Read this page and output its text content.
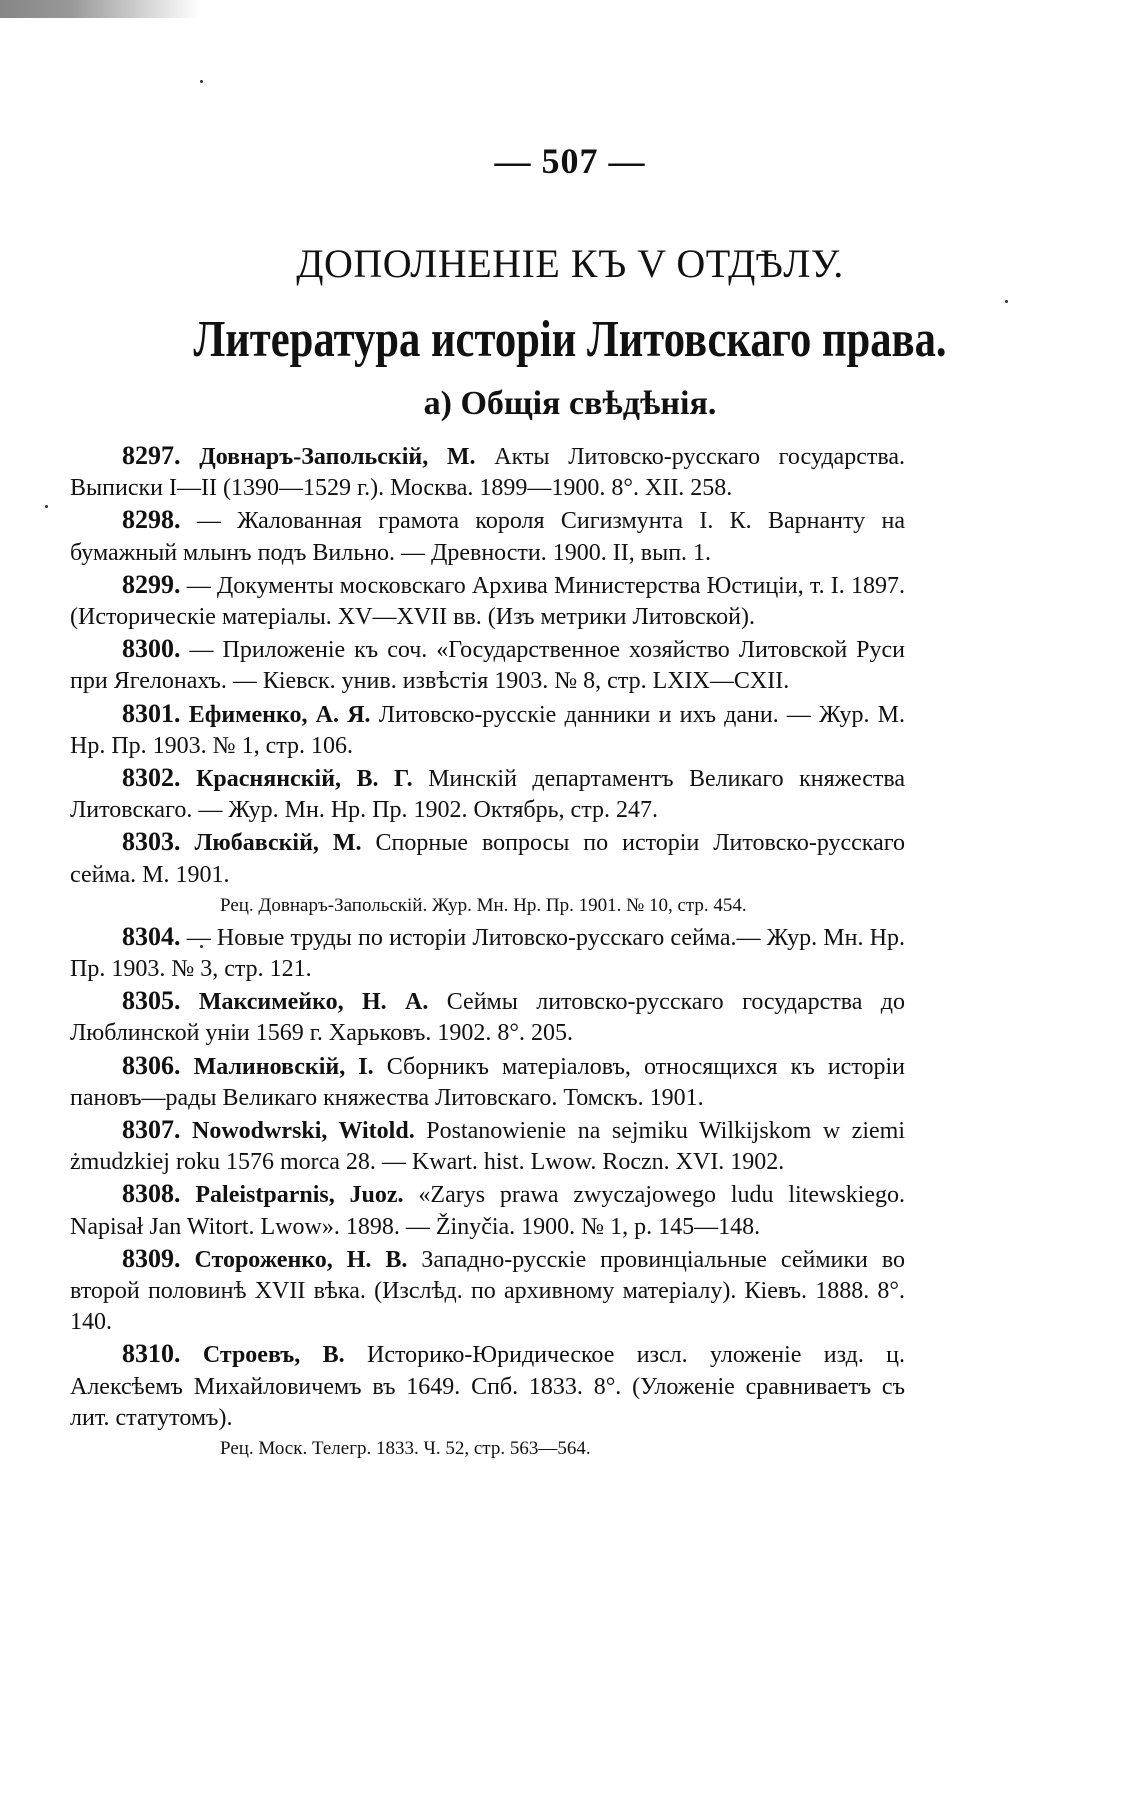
— 507 —
ДОПОЛНЕНІЕ КЪ V ОТДѢЛУ.
Литература исторіи Литовскаго права.
а) Общія свѣдѣнія.

8297. Довнаръ-Запольскій, М. Акты Литовско-русскаго государства. Выписки I—II (1390—1529 г.). Москва. 1899—1900. 8°. XII. 258.

8298. — Жалованная грамота короля Сигизмунта I. К. Варнанту на бумажный млынъ подъ Вильно. — Древности. 1900. II, вып. 1.

8299. — Документы московскаго Архива Министерства Юстиціи, т. I. 1897. (Историческіе матеріалы. XV—XVII вв. (Изъ метрики Литовской).

8300. — Приложеніе къ соч. «Государственное хозяйство Литовской Руси при Ягелонахъ. — Кіевск. унив. извѣстія 1903. № 8, стр. LXIX—CXII.

8301. Ефименко, А. Я. Литовско-русскіе данники и ихъ дани. — Жур. М. Нр. Пр. 1903. № 1, стр. 106.

8302. Краснянскій, В. Г. Минскій департаментъ Великаго княжества Литовскаго. — Жур. Мн. Нр. Пр. 1902. Октябрь, стр. 247.

8303. Любавскій, М. Спорные вопросы по исторіи Литовско-русскаго сейма. М. 1901.

Рец. Довнаръ-Запольскій. Жур. Мн. Нр. Пр. 1901. № 10, стр. 454.

8304. — Новые труды по исторіи Литовско-русскаго сейма.— Жур. Мн. Нр. Пр. 1903. № 3, стр. 121.

8305. Максимейко, Н. А. Сеймы литовско-русскаго государства до Люблинской уніи 1569 г. Харьковъ. 1902. 8°. 205.

8306. Малиновскій, І. Сборникъ матеріаловъ, относящихся къ исторіи пановъ—рады Великаго княжества Литовскаго. Томскъ. 1901.

8307. Nowodwrski, Witold. Postanowienie na sejmiku Wilkijskom w ziemi żmudzkiej roku 1576 morca 28. — Kwart. hist. Lwow. Roczn. XVI. 1902.

8308. Paleistparnis, Juoz. «Zarys prawa zwyczajowego ludu litewskiego. Napisał Jan Witort. Lwow». 1898. — Žinyčia. 1900. № 1, р. 145—148.

8309. Стороженко, Н. В. Западно-русскіе провинціальные сеймики во второй половинѣ XVII вѣка. (Изслѣд. по архивному матеріалу). Кіевъ. 1888. 8°. 140.

8310. Строевъ, В. Историко-Юридическое изсл. уложеніе изд. ц. Алексѣемъ Михайловичемъ въ 1649. Спб. 1833. 8°. (Уложеніе сравниваетъ съ лит. статутомъ).

Рец. Моск. Телегр. 1833. Ч. 52, стр. 563—564.
